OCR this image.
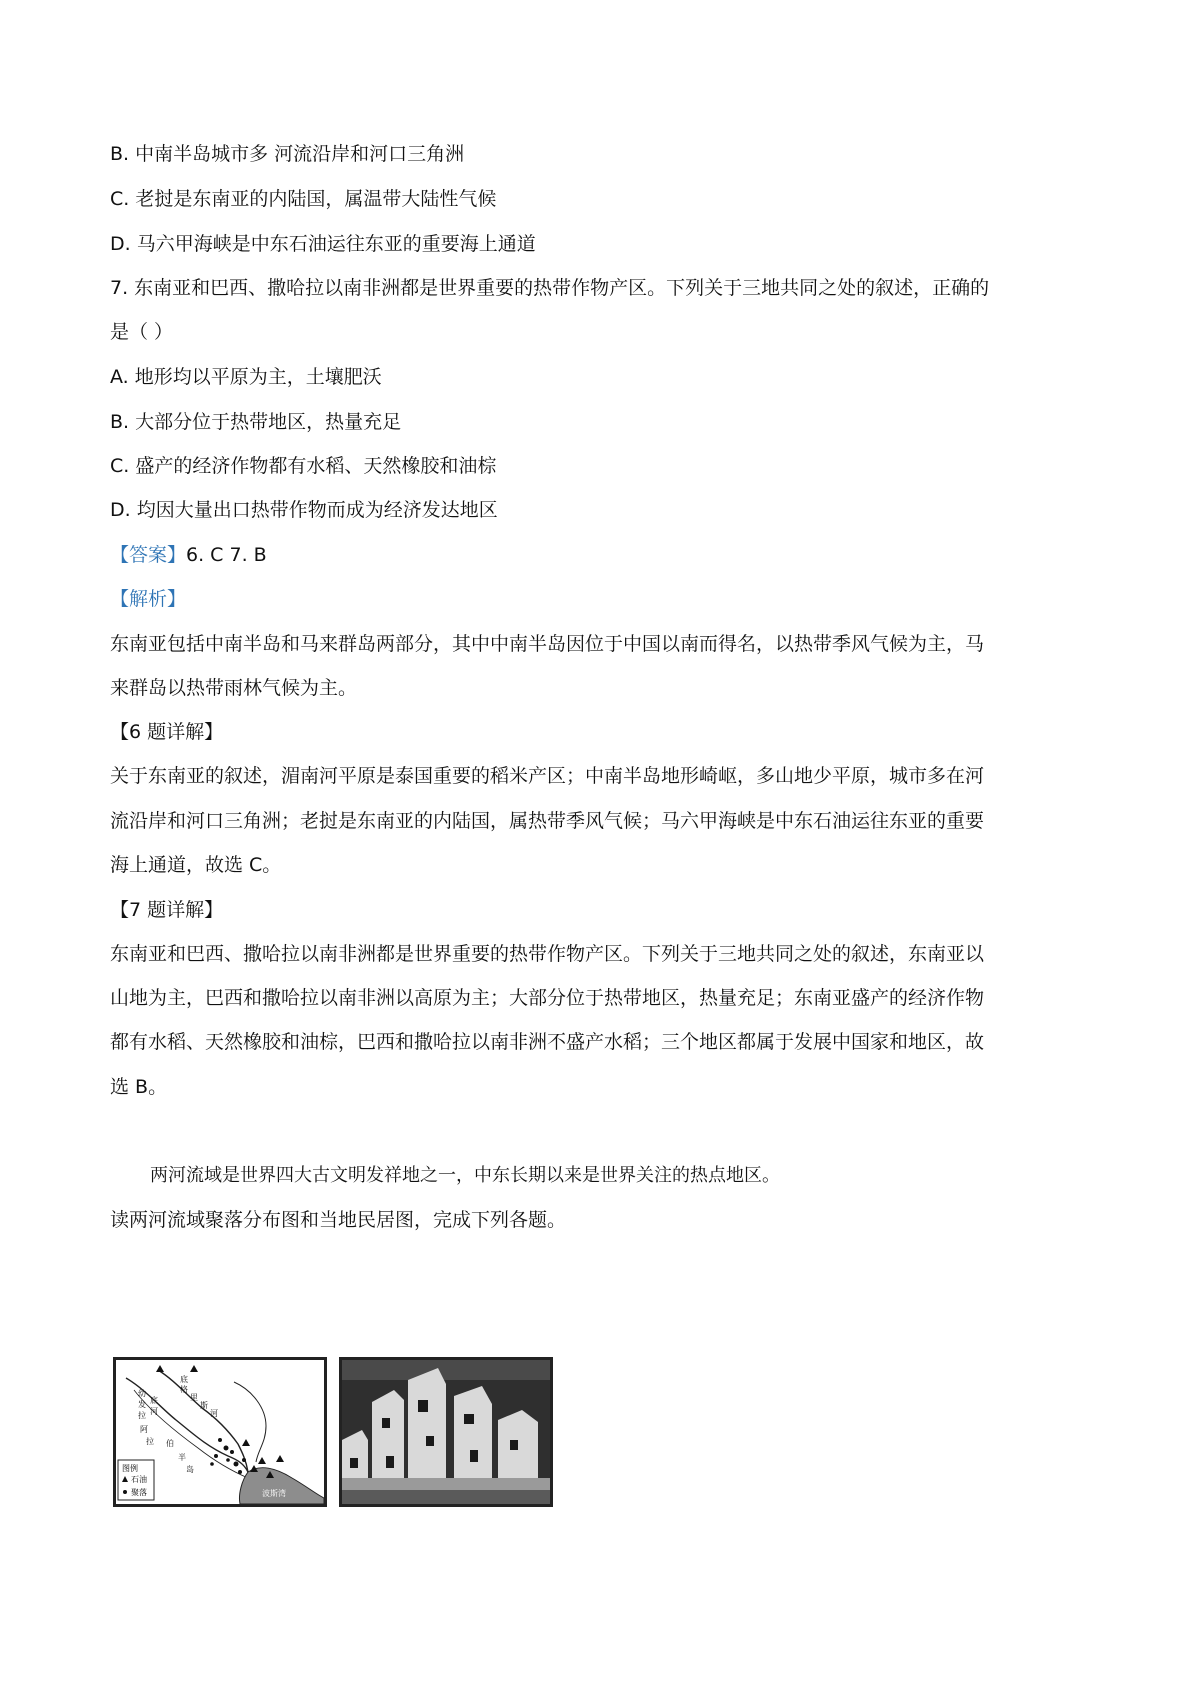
B. 中南半岛城市多 河流沿岸和河口三角洲
C. 老挝是东南亚的内陆国，属温带大陆性气候
D. 马六甲海峡是中东石油运往东亚的重要海上通道
7. 东南亚和巴西、撒哈拉以南非洲都是世界重要的热带作物产区。下列关于三地共同之处的叙述，正确的
是（ ）
A. 地形均以平原为主，土壤肥沃
B. 大部分位于热带地区，热量充足
C. 盛产的经济作物都有水稻、天然橡胶和油棕
D. 均因大量出口热带作物而成为经济发达地区
【答案】6. C 7. B
【解析】
东南亚包括中南半岛和马来群岛两部分，其中中南半岛因位于中国以南而得名，以热带季风气候为主，马
来群岛以热带雨林气候为主。
【6 题详解】
关于东南亚的叙述，湄南河平原是泰国重要的稻米产区；中南半岛地形崎岖，多山地少平原，城市多在河
流沿岸和河口三角洲；老挝是东南亚的内陆国，属热带季风气候；马六甲海峡是中东石油运往东亚的重要
海上通道，故选 C。
【7 题详解】
东南亚和巴西、撒哈拉以南非洲都是世界重要的热带作物产区。下列关于三地共同之处的叙述，东南亚以
山地为主，巴西和撒哈拉以南非洲以高原为主；大部分位于热带地区，热量充足；东南亚盛产的经济作物
都有水稻、天然橡胶和油棕，巴西和撒哈拉以南非洲不盛产水稻；三个地区都属于发展中国家和地区，故
选 B。
两河流域是世界四大古文明发祥地之一，中东长期以来是世界关注的热点地区。
读两河流域聚落分布图和当地民居图，完成下列各题。
图例
石油
聚落
幼
发
拉
底
河
底
格
里
斯
河
阿
拉 伯
半
岛
波斯湾
